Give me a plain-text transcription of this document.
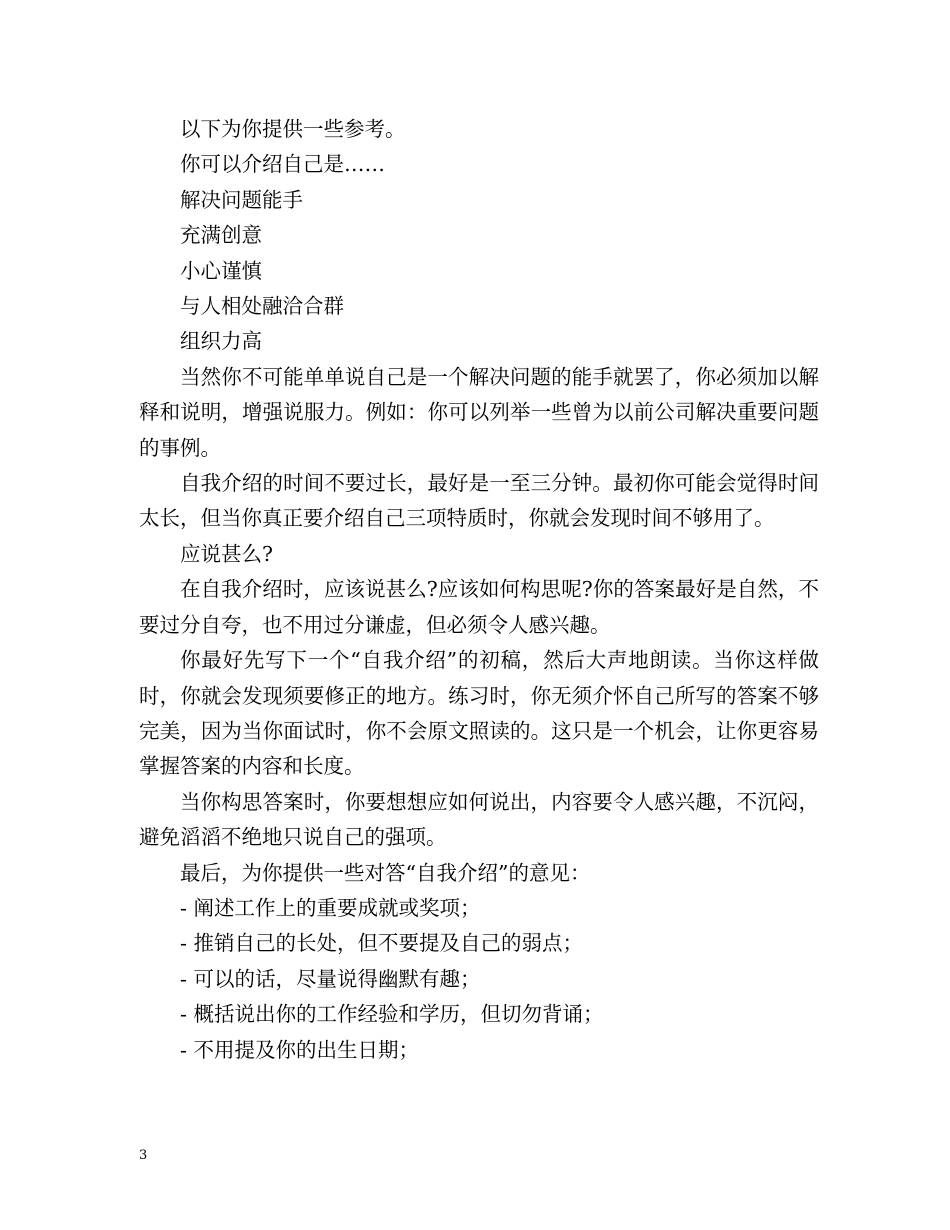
以下为你提供一些参考。

你可以介绍自己是……

解决问题能手

充满创意

小心谨慎

与人相处融洽合群

组织力高

当然你不可能单单说自己是一个解决问题的能手就罢了，你必须加以解释和说明，增强说服力。例如：你可以列举一些曾为以前公司解决重要问题的事例。

自我介绍的时间不要过长，最好是一至三分钟。最初你可能会觉得时间太长，但当你真正要介绍自己三项特质时，你就会发现时间不够用了。

应说甚么?

在自我介绍时，应该说甚么?应该如何构思呢?你的答案最好是自然，不要过分自夸，也不用过分谦虚，但必须令人感兴趣。

你最好先写下一个“自我介绍”的初稿，然后大声地朗读。当你这样做时，你就会发现须要修正的地方。练习时，你无须介怀自己所写的答案不够完美，因为当你面试时，你不会原文照读的。这只是一个机会，让你更容易掌握答案的内容和长度。

当你构思答案时，你要想想应如何说出，内容要令人感兴趣，不沉闷，避免滔滔不绝地只说自己的强项。

最后，为你提供一些对答“自我介绍”的意见：

- 阐述工作上的重要成就或奖项；

- 推销自己的长处，但不要提及自己的弱点；

- 可以的话，尽量说得幽默有趣；

- 概括说出你的工作经验和学历，但切勿背诵；

- 不用提及你的出生日期；

3
